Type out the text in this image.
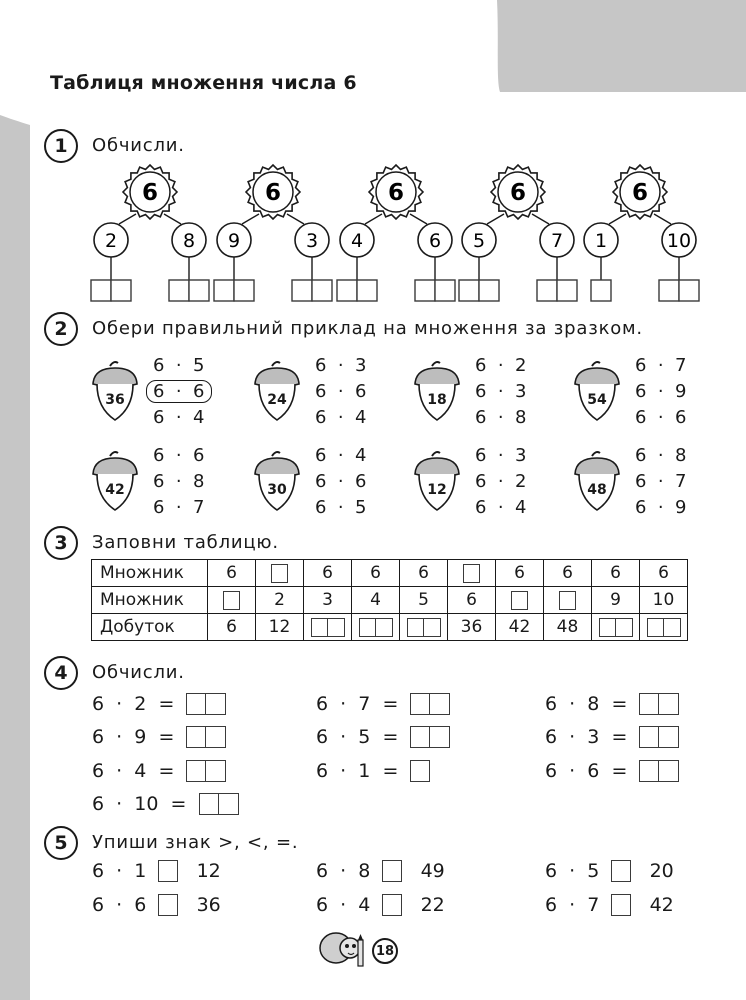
Таблиця множення числа 6
1	Обчисли.
6
2	8
6
9	3
6
4	6
6
5	7
6
1	10
2	Обери правильний приклад на множення за зразком.
36
6  ·  5
6  ·  6
6  ·  4
24
6  ·  3
6  ·  6
6  ·  4
18
6  ·  2
6  ·  3
6  ·  8
54
6  ·  7
6  ·  9
6  ·  6
42
6  ·  6
6  ·  8
6  ·  7
30
6  ·  4
6  ·  6
6  ·  5
12
6  ·  3
6  ·  2
6  ·  4
48
6  ·  8
6  ·  7
6  ·  9
3	Заповни таблицю.
Множник	6		6	6	6		6	6	6	6
Множник		2	3	4	5	6			9	10
Добуток	6	12				36	42	48		
4	Обчисли.
6  ·  2  =	6  ·  7  =	6  ·  8  =
6  ·  9  =	6  ·  5  =	6  ·  3  =
6  ·  4  =	6  ·  1  =	6  ·  6  =
6  ·  10  =
5	Упиши знак >, <, =.
6  ·  1 12	6  ·  8 49	6  ·  5 20
6  ·  6 36	6  ·  4 22	6  ·  7 42
18
